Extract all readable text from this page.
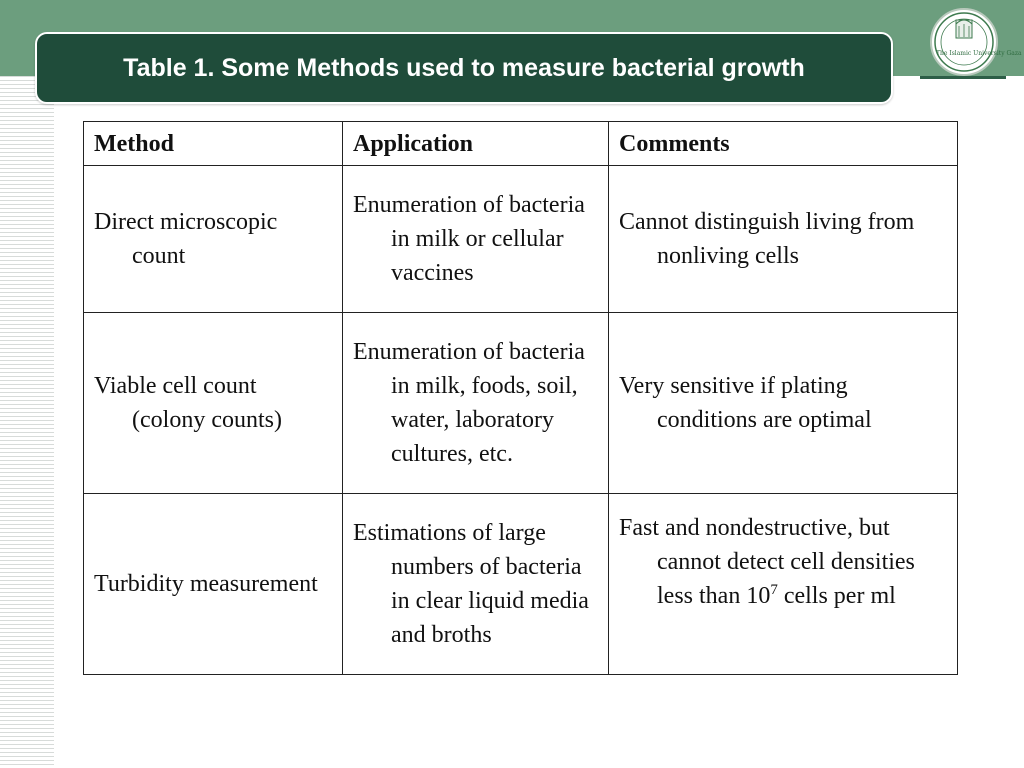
The Islamic University Gaza
Table 1. Some Methods used to measure bacterial growth
Method	Application	Comments

Direct microscopic count	Enumeration of bacteria in milk or cellular vaccines	Cannot distinguish living from nonliving cells

Viable cell count (colony counts)	Enumeration of bacteria in milk, foods, soil, water, laboratory cultures, etc.	Very sensitive if plating conditions are optimal

Turbidity measurement	Estimations of large numbers of bacteria in clear liquid media and broths	Fast and nondestructive, but cannot detect cell densities less than $10^7$ cells per ml
